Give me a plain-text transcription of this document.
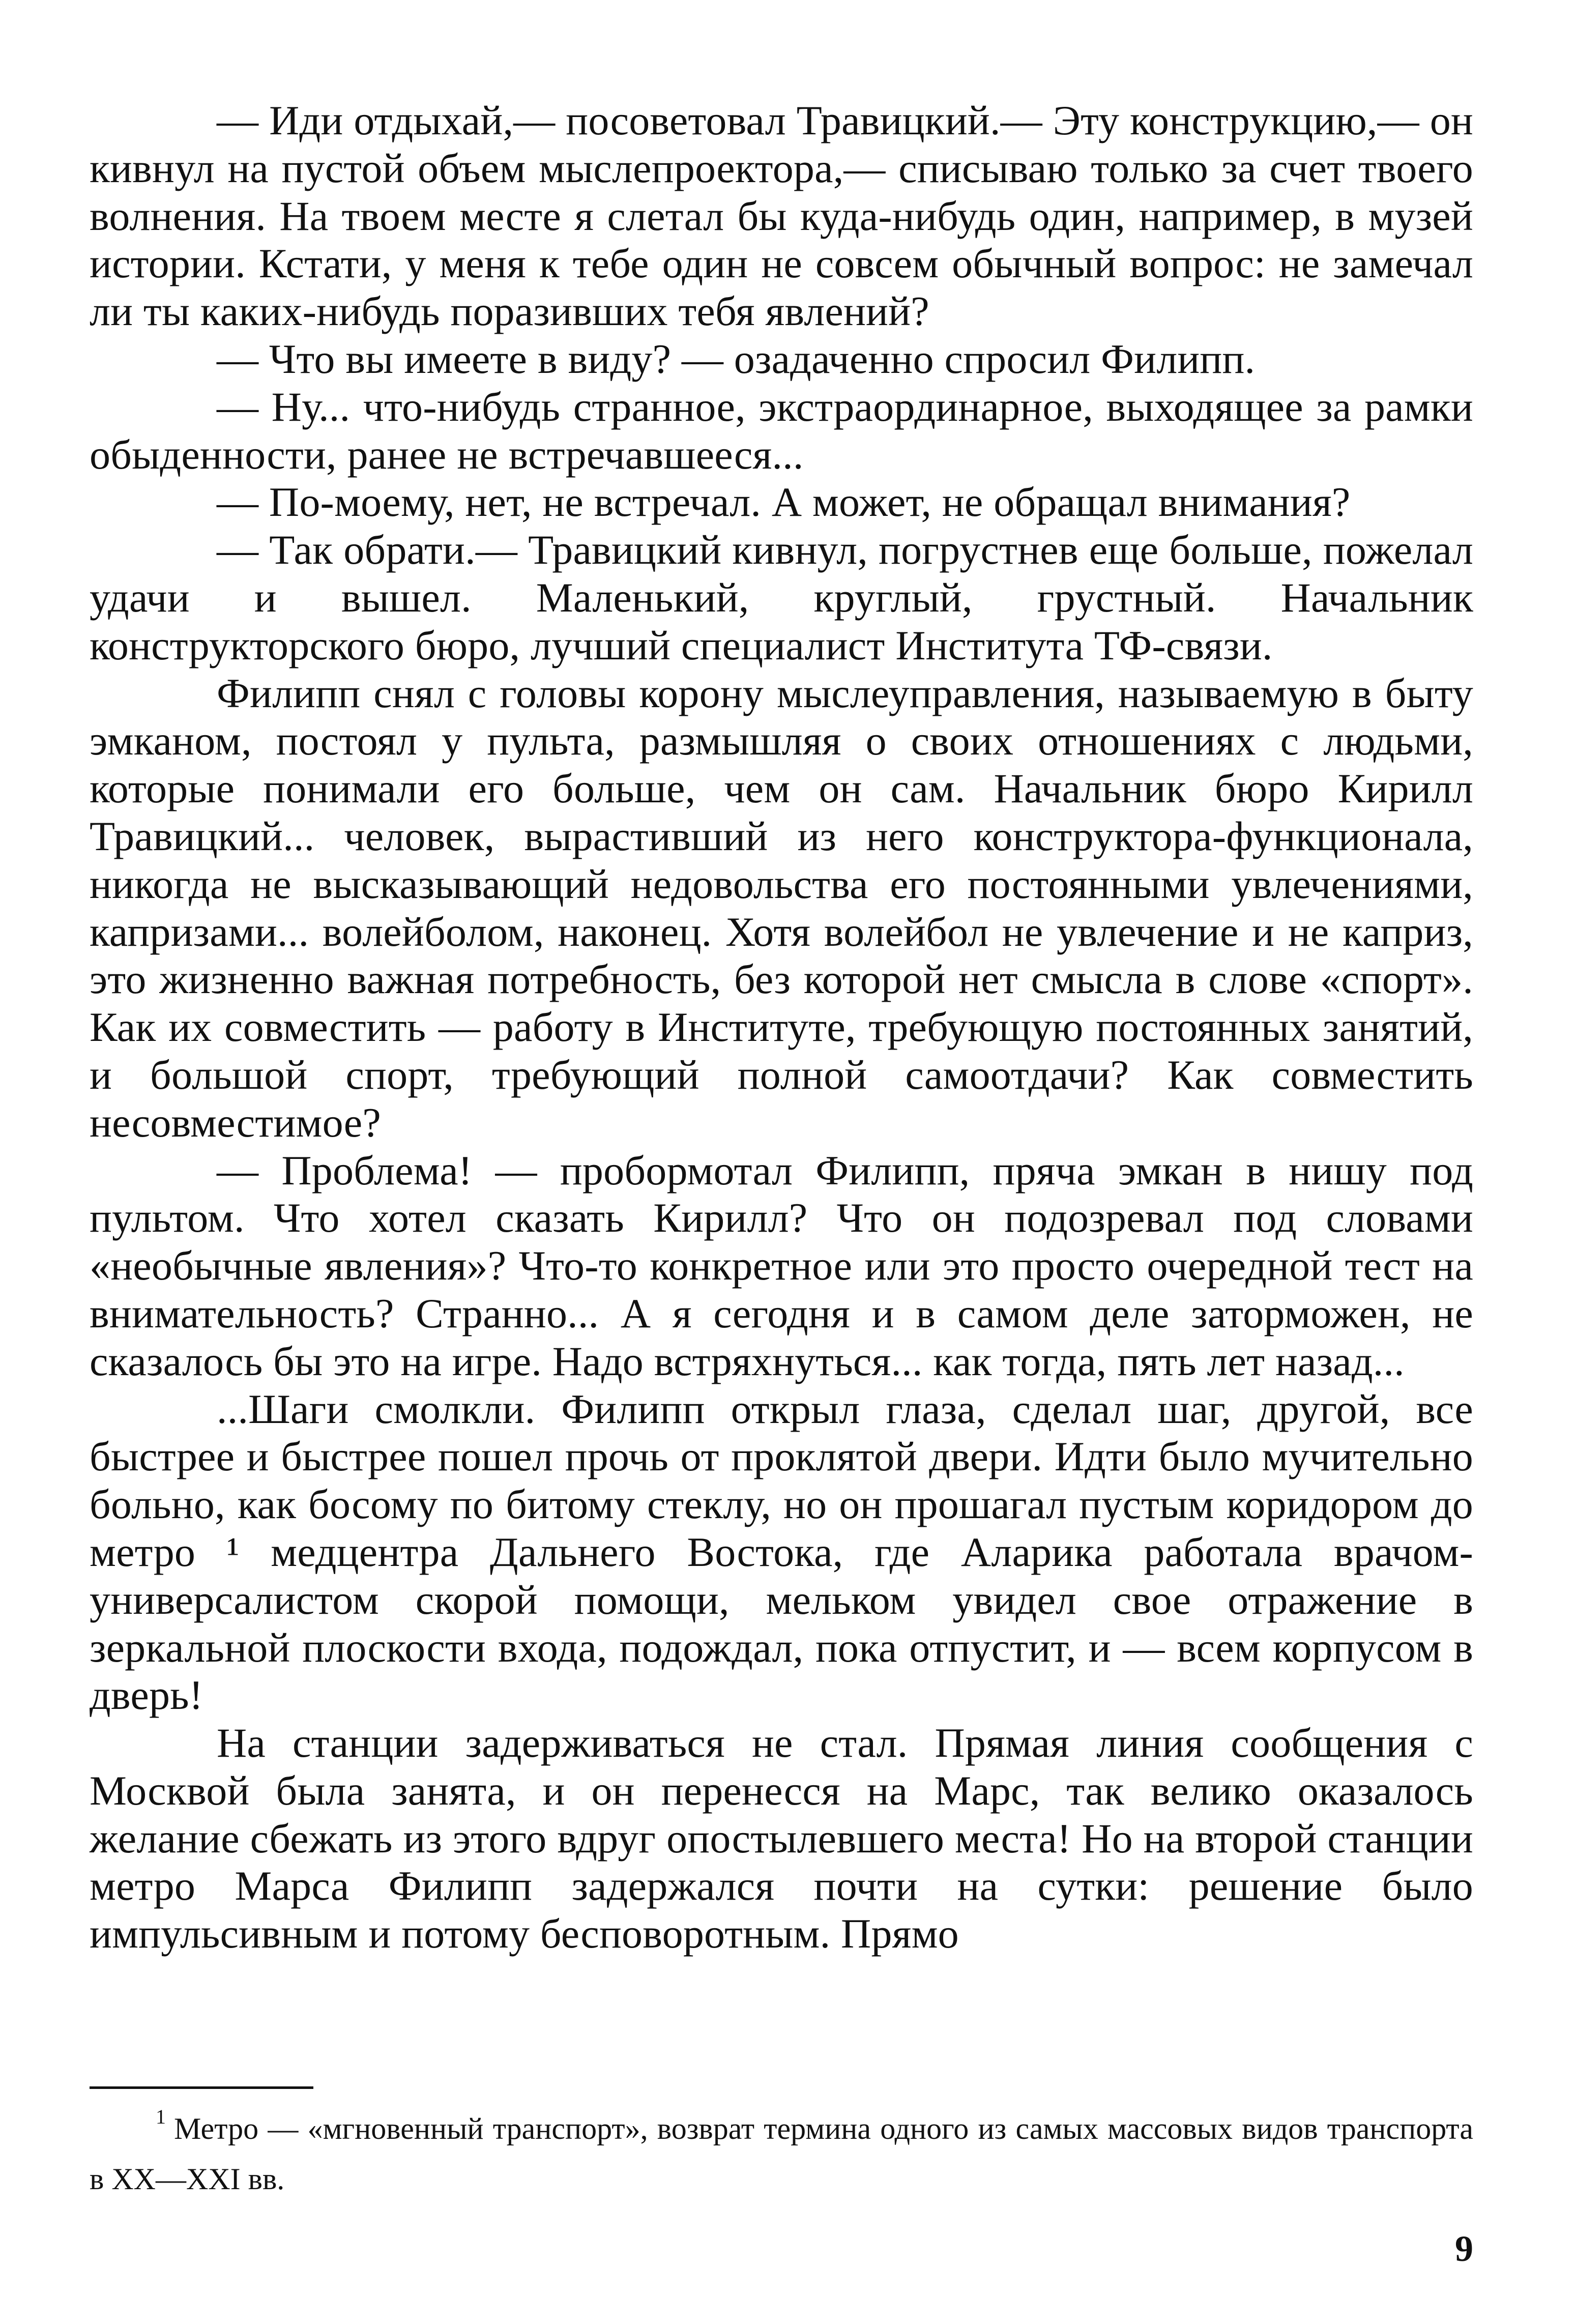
— Иди отдыхай,— посоветовал Травицкий.— Эту конструкцию,— он кивнул на пустой объем мыслепроектора,— списываю только за счет твоего волнения. На твоем месте я слетал бы куда-нибудь один, например, в музей истории. Кстати, у меня к тебе один не совсем обычный вопрос: не замечал ли ты каких-нибудь поразивших тебя явлений?

— Что вы имеете в виду? — озадаченно спросил Филипп.

— Ну... что-нибудь странное, экстраординарное, выходящее за рамки обыденности, ранее не встречавшееся...

— По-моему, нет, не встречал. А может, не обращал внимания?

— Так обрати.— Травицкий кивнул, погрустнев еще больше, пожелал удачи и вышел. Маленький, круглый, грустный. Начальник конструкторского бюро, лучший специалист Института ТФ-связи.

Филипп снял с головы корону мыслеуправления, называемую в быту эмканом, постоял у пульта, размышляя о своих отношениях с людьми, которые понимали его больше, чем он сам. Начальник бюро Кирилл Травицкий... человек, вырастивший из него конструктора-функционала, никогда не высказывающий недовольства его постоянными увлечениями, капризами... волейболом, наконец. Хотя волейбол не увлечение и не каприз, это жизненно важная потребность, без которой нет смысла в слове «спорт». Как их совместить — работу в Институте, требующую постоянных занятий, и большой спорт, требующий полной самоотдачи? Как совместить несовместимое?

— Проблема! — пробормотал Филипп, пряча эмкан в нишу под пультом. Что хотел сказать Кирилл? Что он подозревал под словами «необычные явления»? Что-то конкретное или это просто очередной тест на внимательность? Странно... А я сегодня и в самом деле заторможен, не сказалось бы это на игре. Надо встряхнуться... как тогда, пять лет назад...

...Шаги смолкли. Филипп открыл глаза, сделал шаг, другой, все быстрее и быстрее пошел прочь от проклятой двери. Идти было мучительно больно, как босому по битому стеклу, но он прошагал пустым коридором до метро ¹ медцентра Дальнего Востока, где Аларика работала врачом-универсалистом скорой помощи, мельком увидел свое отражение в зеркальной плоскости входа, подождал, пока отпустит, и — всем корпусом в дверь!

На станции задерживаться не стал. Прямая линия сообщения с Москвой была занята, и он перенесся на Марс, так велико оказалось желание сбежать из этого вдруг опостылевшего места! Но на второй станции метро Марса Филипп задержался почти на сутки: решение было импульсивным и потому бесповоротным. Прямо

$^1$ Метро — «мгновенный транспорт», возврат термина одного из самых массовых видов транспорта в XX—XXI вв.

9
